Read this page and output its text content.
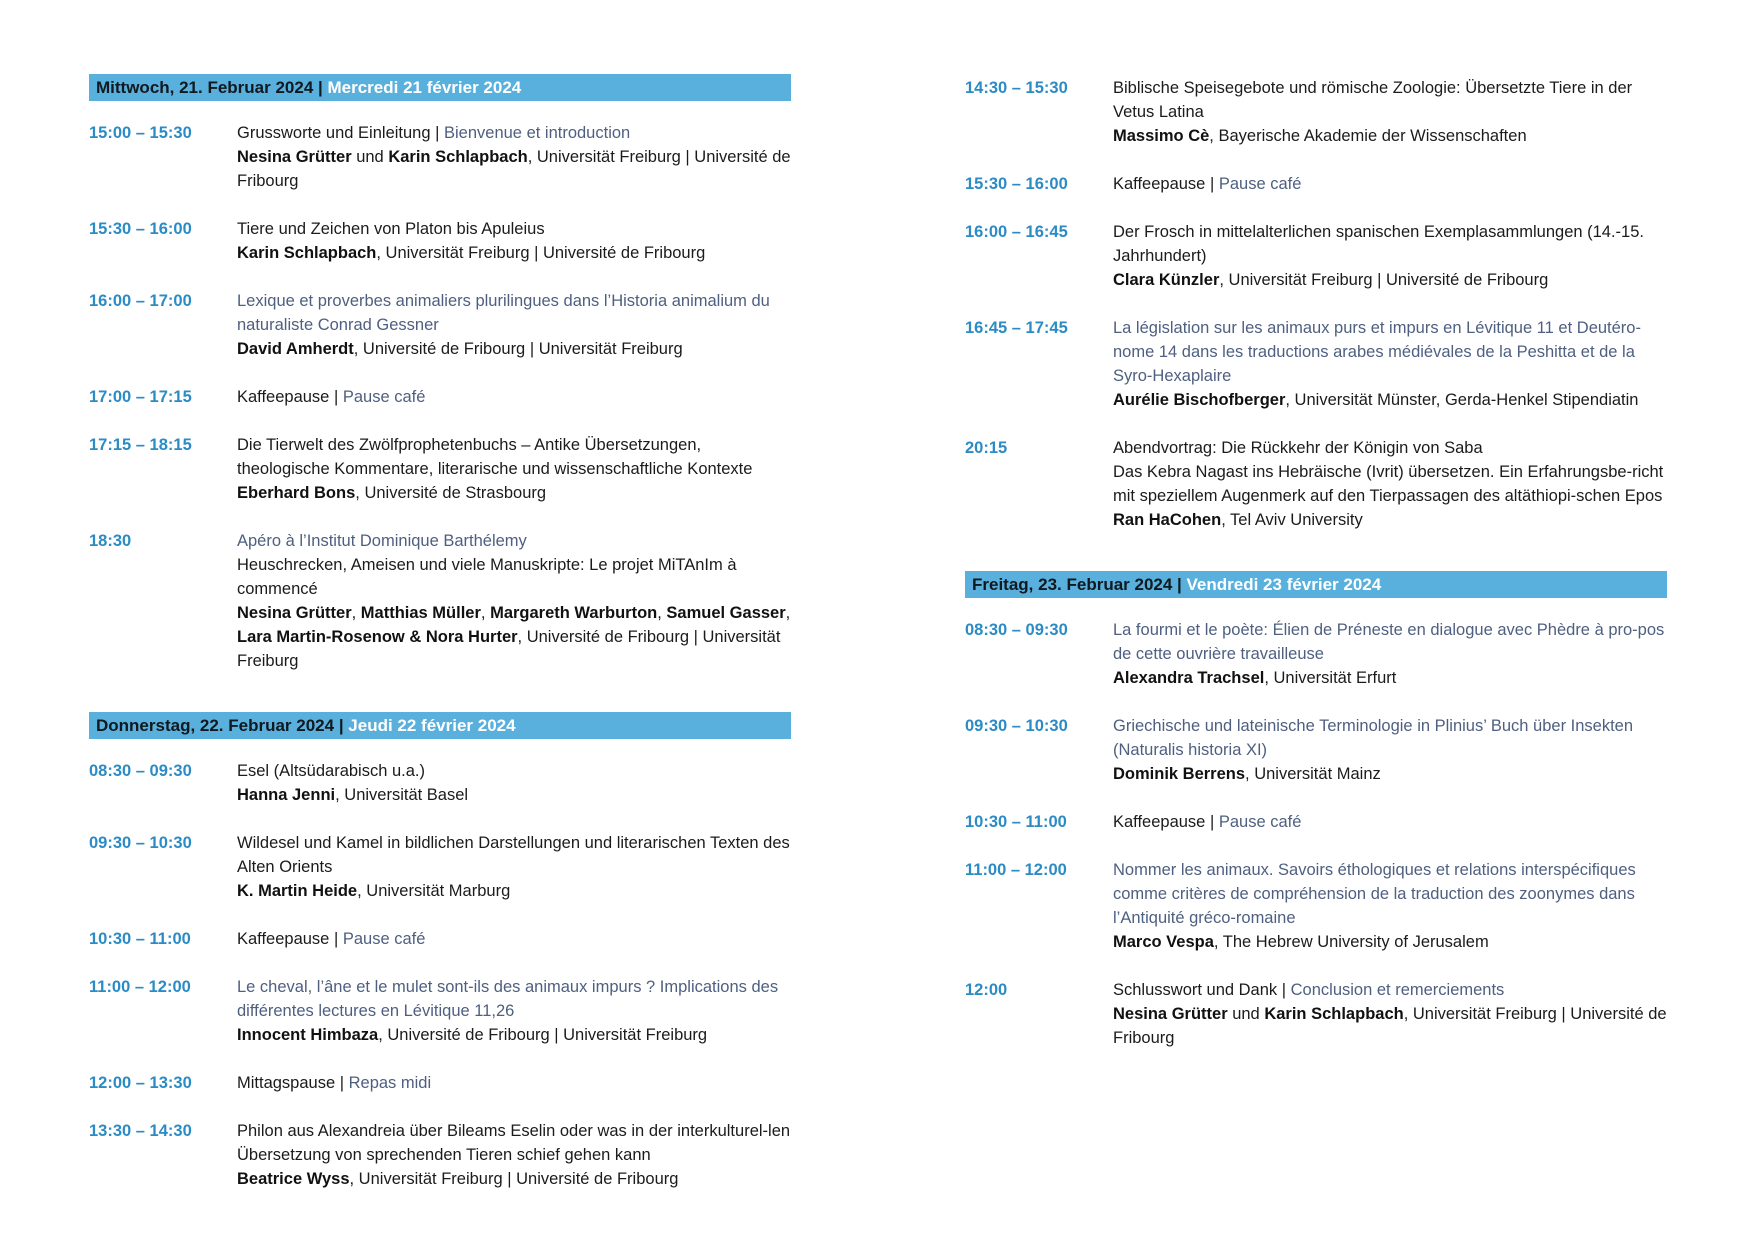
Mittwoch, 21. Februar 2024 | Mercredi 21 février 2024
15:00 – 15:30	Grussworte und Einleitung | Bienvenue et introduction
Nesina Grütter und Karin Schlapbach, Universität Freiburg | Université de Fribourg
15:30 – 16:00	Tiere und Zeichen von Platon bis Apuleius
Karin Schlapbach, Universität Freiburg | Université de Fribourg
16:00 – 17:00	Lexique et proverbes animaliers plurilingues dans l’Historia animalium du naturaliste Conrad Gessner
David Amherdt, Université de Fribourg | Universität Freiburg
17:00 – 17:15	Kaffeepause | Pause café
17:15 – 18:15	Die Tierwelt des Zwölfprophetenbuchs – Antike Übersetzungen, theologische Kommentare, literarische und wissenschaftliche Kontexte
Eberhard Bons, Université de Strasbourg
18:30	Apéro à l’Institut Dominique Barthélemy
Heuschrecken, Ameisen und viele Manuskripte: Le projet MiTAnIm à commencé
Nesina Grütter, Matthias Müller, Margareth Warburton, Samuel Gasser, Lara Martin-Rosenow & Nora Hurter, Université de Fribourg | Universität Freiburg
Donnerstag, 22. Februar 2024 | Jeudi 22 février 2024
08:30 – 09:30	Esel (Altsüdarabisch u.a.)
Hanna Jenni, Universität Basel
09:30 – 10:30	Wildesel und Kamel in bildlichen Darstellungen und literarischen Texten des Alten Orients
K. Martin Heide, Universität Marburg
10:30 – 11:00	Kaffeepause | Pause café
11:00 – 12:00	Le cheval, l’âne et le mulet sont-ils des animaux impurs ? Implications des différentes lectures en Lévitique 11,26
Innocent Himbaza, Université de Fribourg | Universität Freiburg
12:00 – 13:30	Mittagspause | Repas midi
13:30 – 14:30	Philon aus Alexandreia über Bileams Eselin oder was in der interkulturel-len Übersetzung von sprechenden Tieren schief gehen kann
Beatrice Wyss, Universität Freiburg | Université de Fribourg
14:30 – 15:30	Biblische Speisegebote und römische Zoologie: Übersetzte Tiere in der Vetus Latina
Massimo Cè, Bayerische Akademie der Wissenschaften
15:30 – 16:00	Kaffeepause | Pause café
16:00 – 16:45	Der Frosch in mittelalterlichen spanischen Exemplasammlungen (14.-15. Jahrhundert)
Clara Künzler, Universität Freiburg | Université de Fribourg
16:45 – 17:45	La législation sur les animaux purs et impurs en Lévitique 11 et Deutéro-nome 14 dans les traductions arabes médiévales de la Peshitta et de la Syro-Hexaplaire
Aurélie Bischofberger, Universität Münster, Gerda-Henkel Stipendiatin
20:15	Abendvortrag: Die Rückkehr der Königin von Saba
Das Kebra Nagast ins Hebräische (Ivrit) übersetzen. Ein Erfahrungsbe-richt mit speziellem Augenmerk auf den Tierpassagen des altäthiopi-schen Epos
Ran HaCohen, Tel Aviv University
Freitag, 23. Februar 2024 | Vendredi 23 février 2024
08:30 – 09:30	La fourmi et le poète: Élien de Préneste en dialogue avec Phèdre à pro-pos de cette ouvrière travailleuse
Alexandra Trachsel, Universität Erfurt
09:30 – 10:30	Griechische und lateinische Terminologie in Plinius’ Buch über Insekten (Naturalis historia XI)
Dominik Berrens, Universität Mainz
10:30 – 11:00	Kaffeepause | Pause café
11:00 – 12:00	Nommer les animaux. Savoirs éthologiques et relations interspécifiques comme critères de compréhension de la traduction des zoonymes dans l’Antiquité gréco-romaine
Marco Vespa, The Hebrew University of Jerusalem
12:00	Schlusswort und Dank | Conclusion et remerciements
Nesina Grütter und Karin Schlapbach, Universität Freiburg | Université de Fribourg
